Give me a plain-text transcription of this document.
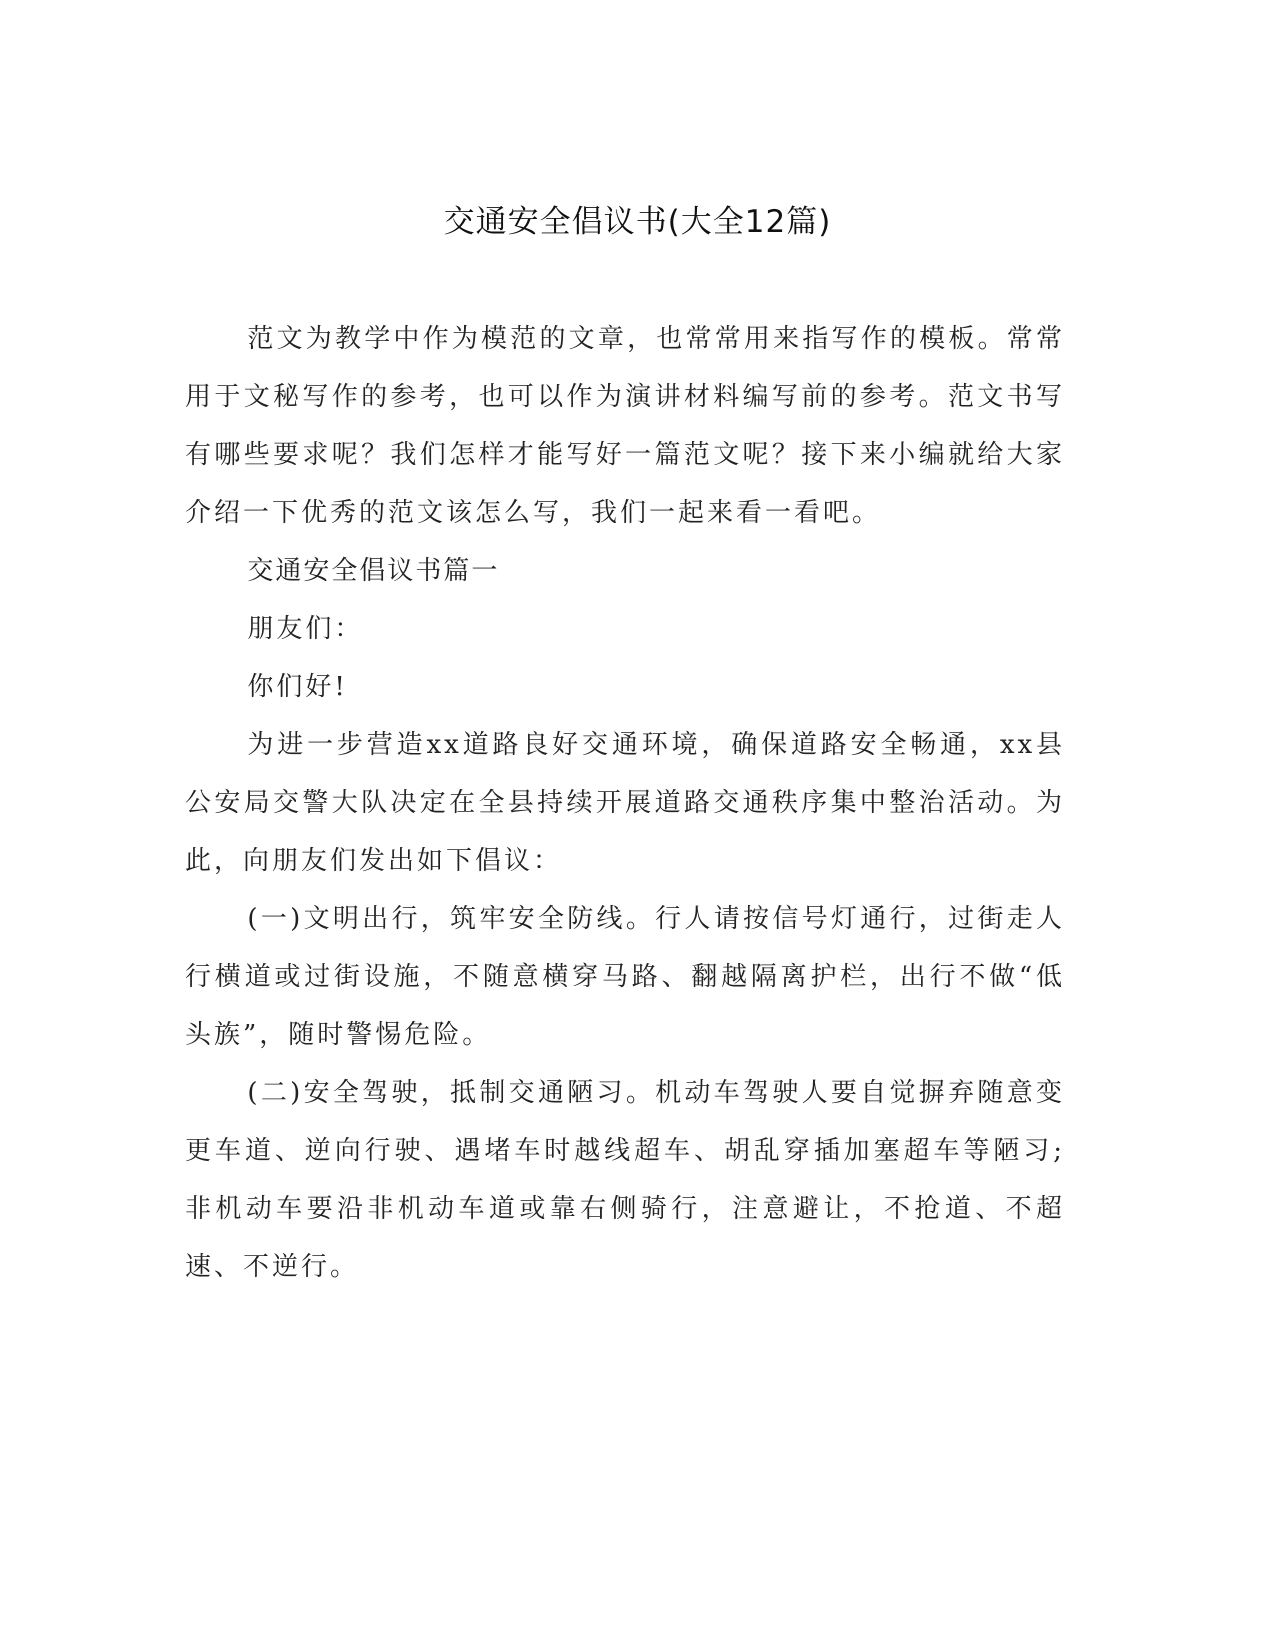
交通安全倡议书(大全12篇)

范文为教学中作为模范的文章，也常常用来指写作的模板。常常用于文秘写作的参考，也可以作为演讲材料编写前的参考。范文书写有哪些要求呢？我们怎样才能写好一篇范文呢？接下来小编就给大家介绍一下优秀的范文该怎么写，我们一起来看一看吧。

交通安全倡议书篇一

朋友们：

你们好!

为进一步营造xx道路良好交通环境，确保道路安全畅通，xx县公安局交警大队决定在全县持续开展道路交通秩序集中整治活动。为此，向朋友们发出如下倡议：

(一)文明出行，筑牢安全防线。行人请按信号灯通行，过街走人行横道或过街设施，不随意横穿马路、翻越隔离护栏，出行不做“低头族”，随时警惕危险。

(二)安全驾驶，抵制交通陋习。机动车驾驶人要自觉摒弃随意变更车道、逆向行驶、遇堵车时越线超车、胡乱穿插加塞超车等陋习;非机动车要沿非机动车道或靠右侧骑行，注意避让，不抢道、不超速、不逆行。
